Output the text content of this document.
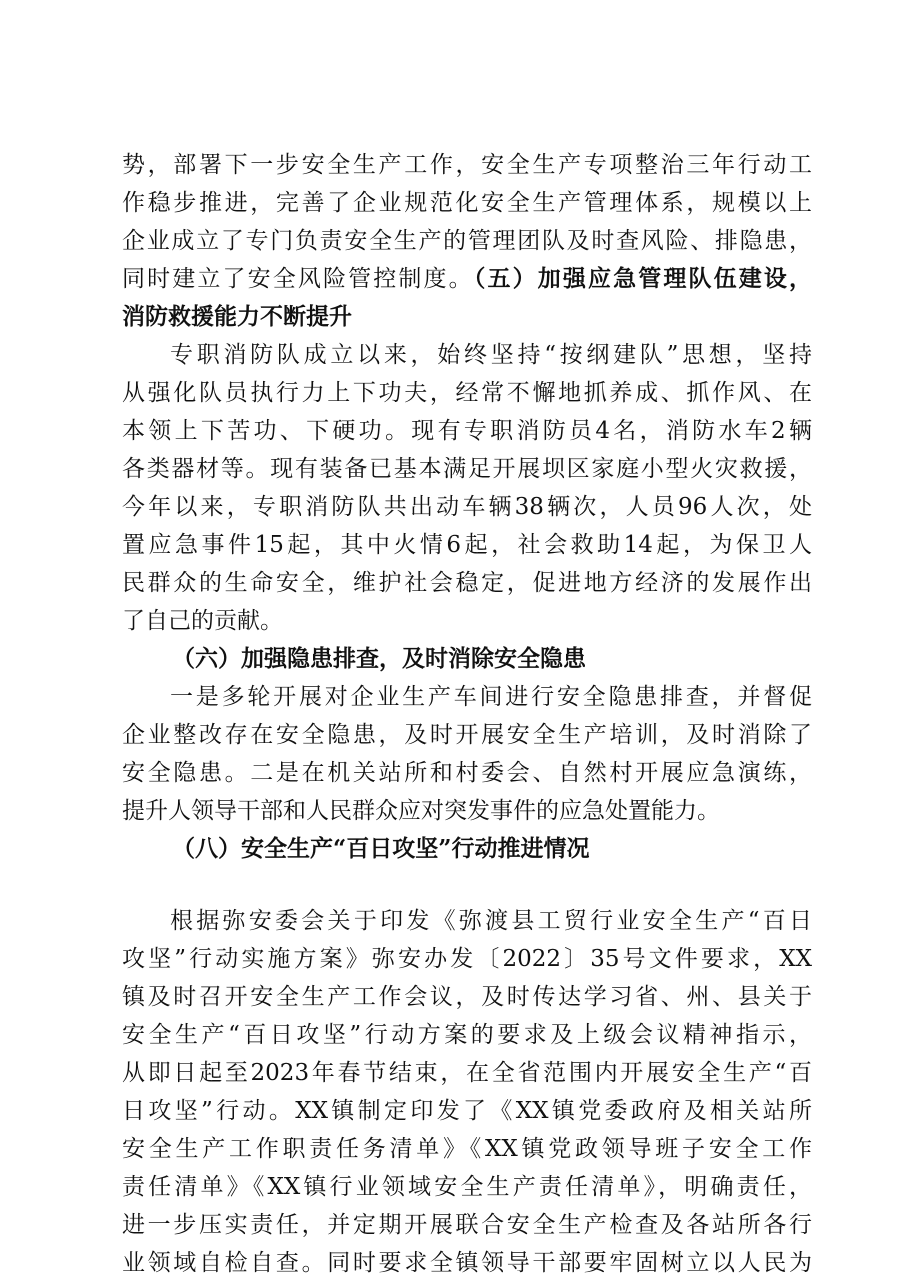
势，部署下一步安全生产工作，安全生产专项整治三年行动工
作稳步推进，完善了企业规范化安全生产管理体系，规模以上
企业成立了专门负责安全生产的管理团队及时查风险、排隐患，
同时建立了安全风险管控制度。（五）加强应急管理队伍建设，
消防救援能力不断提升
专职消防队成立以来，始终坚持“按纲建队”思想，坚持
从强化队员执行力上下功夫，经常不懈地抓养成、抓作风、在
本领上下苦功、下硬功。现有专职消防员4名，消防水车2辆
各类器材等。现有装备已基本满足开展坝区家庭小型火灾救援，
今年以来，专职消防队共出动车辆38辆次，人员96人次，处
置应急事件15起，其中火情6起，社会救助14起，为保卫人
民群众的生命安全，维护社会稳定，促进地方经济的发展作出
了自己的贡献。
（六）加强隐患排查，及时消除安全隐患
一是多轮开展对企业生产车间进行安全隐患排查，并督促
企业整改存在安全隐患，及时开展安全生产培训，及时消除了
安全隐患。二是在机关站所和村委会、自然村开展应急演练，
提升人领导干部和人民群众应对突发事件的应急处置能力。
（八）安全生产“百日攻坚”行动推进情况
根据弥安委会关于印发《弥渡县工贸行业安全生产“百日
攻坚”行动实施方案》弥安办发〔2022〕35号文件要求，XX
镇及时召开安全生产工作会议，及时传达学习省、州、县关于
安全生产“百日攻坚”行动方案的要求及上级会议精神指示，
从即日起至2023年春节结束，在全省范围内开展安全生产“百
日攻坚”行动。XX镇制定印发了《XX镇党委政府及相关站所
安全生产工作职责任务清单》《XX镇党政领导班子安全工作
责任清单》《XX镇行业领域安全生产责任清单》，明确责任，
进一步压实责任，并定期开展联合安全生产检查及各站所各行
业领域自检自查。同时要求全镇领导干部要牢固树立以人民为
